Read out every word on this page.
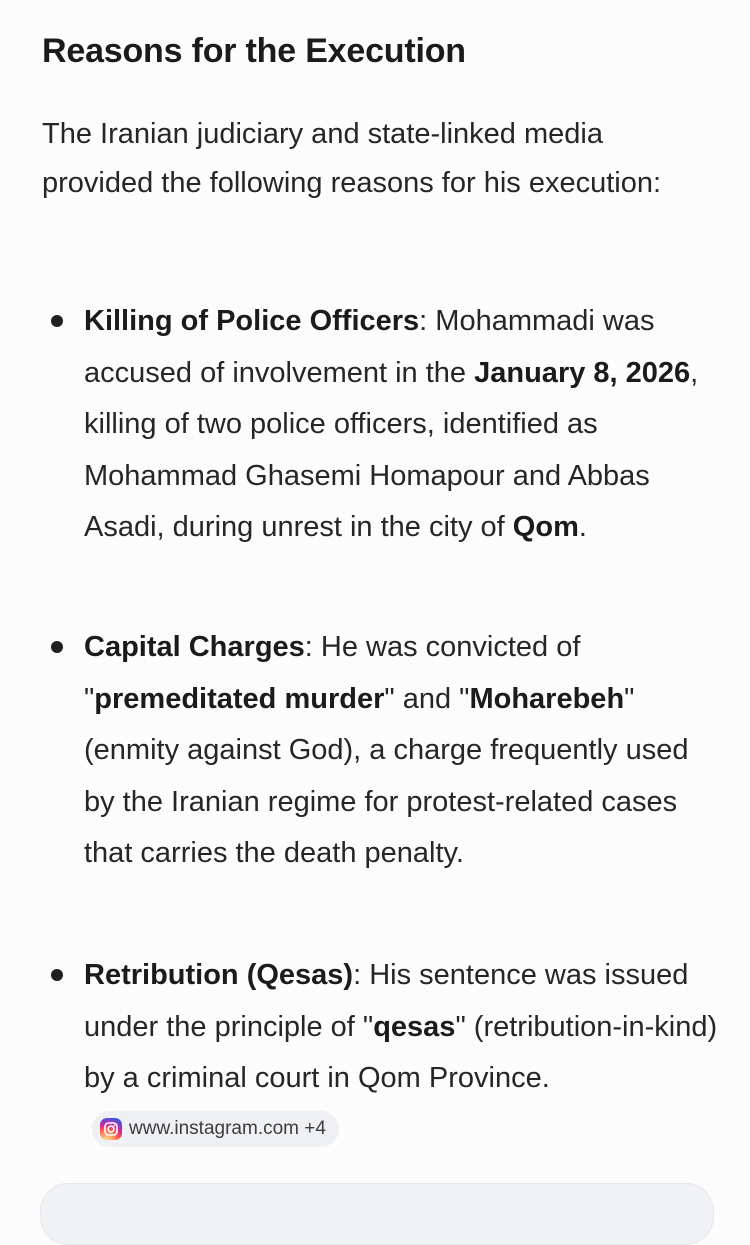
Reasons for the Execution

The Iranian judiciary and state-linked media provided the following reasons for his execution:

Killing of Police Officers: Mohammadi was accused of involvement in the January 8, 2026, killing of two police officers, identified as Mohammad Ghasemi Homapour and Abbas Asadi, during unrest in the city of Qom.
Capital Charges: He was convicted of "premeditated murder" and "Moharebeh" (enmity against God), a charge frequently used by the Iranian regime for protest-related cases that carries the death penalty.
Retribution (Qesas): His sentence was issued under the principle of "qesas" (retribution-in-kind) by a criminal court in Qom Province.
www.instagram.com +4
